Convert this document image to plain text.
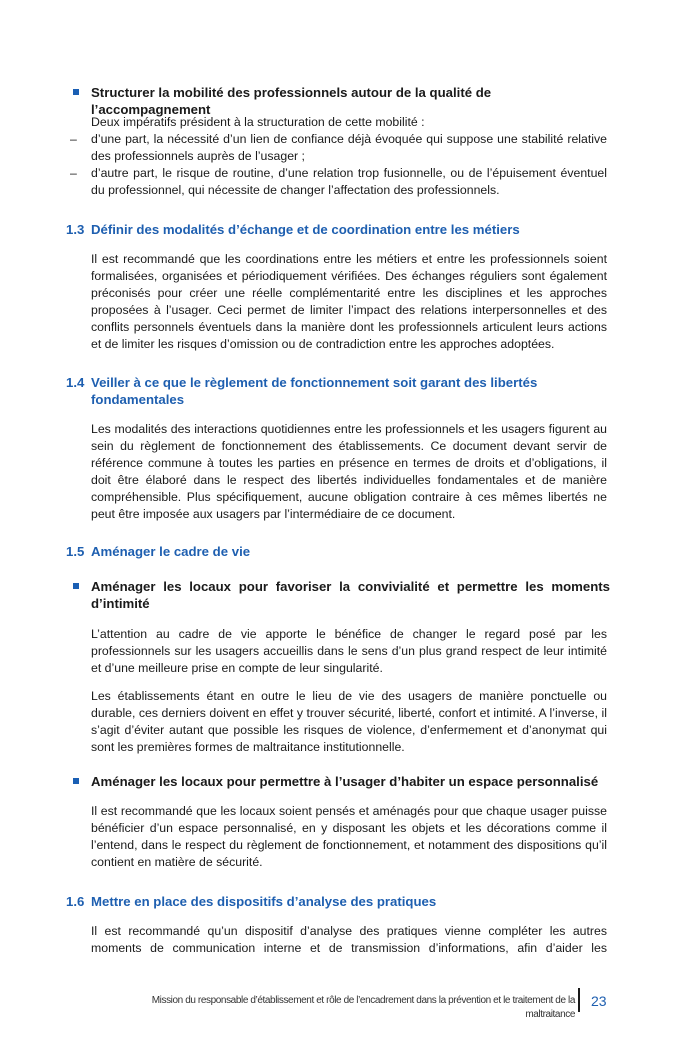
Structurer la mobilité des professionnels autour de la qualité de l’accompagnement
Deux impératifs président à la structuration de cette mobilité :
– d’une part, la nécessité d’un lien de confiance déjà évoquée qui suppose une stabilité relative des professionnels auprès de l’usager ;
– d’autre part, le risque de routine, d’une relation trop fusionnelle, ou de l’épuisement éventuel du professionnel, qui nécessite de changer l’affectation des professionnels.
1.3 Définir des modalités d’échange et de coordination entre les métiers
Il est recommandé que les coordinations entre les métiers et entre les professionnels soient formalisées, organisées et périodiquement vérifiées. Des échanges réguliers sont également préconisés pour créer une réelle complémentarité entre les disciplines et les approches proposées à l’usager. Ceci permet de limiter l’impact des relations interpersonnelles et des conflits personnels éventuels dans la manière dont les professionnels articulent leurs actions et de limiter les risques d’omission ou de contradiction entre les approches adoptées.
1.4 Veiller à ce que le règlement de fonctionnement soit garant des libertés fondamentales
Les modalités des interactions quotidiennes entre les professionnels et les usagers figurent au sein du règlement de fonctionnement des établissements. Ce document devant servir de référence commune à toutes les parties en présence en termes de droits et d’obligations, il doit être élaboré dans le respect des libertés individuelles fondamentales et de manière compréhensible. Plus spécifiquement, aucune obligation contraire à ces mêmes libertés ne peut être imposée aux usagers par l’intermédiaire de ce document.
1.5 Aménager le cadre de vie
Aménager les locaux pour favoriser la convivialité et permettre les moments d’intimité
L’attention au cadre de vie apporte le bénéfice de changer le regard posé par les professionnels sur les usagers accueillis dans le sens d’un plus grand respect de leur intimité et d’une meilleure prise en compte de leur singularité.
Les établissements étant en outre le lieu de vie des usagers de manière ponctuelle ou durable, ces derniers doivent en effet y trouver sécurité, liberté, confort et intimité. A l’inverse, il s’agit d’éviter autant que possible les risques de violence, d’enfermement et d’anonymat qui sont les premières formes de maltraitance institutionnelle.
Aménager les locaux pour permettre à l’usager d’habiter un espace personnalisé
Il est recommandé que les locaux soient pensés et aménagés pour que chaque usager puisse bénéficier d’un espace personnalisé, en y disposant les objets et les décorations comme il l’entend, dans le respect du règlement de fonctionnement, et notamment des dispositions qu’il contient en matière de sécurité.
1.6 Mettre en place des dispositifs d’analyse des pratiques
Il est recommandé qu’un dispositif d’analyse des pratiques vienne compléter les autres moments de communication interne et de transmission d’informations, afin d’aider les
Mission du responsable d’établissement et rôle de l’encadrement dans la prévention et le traitement de la maltraitance
23
